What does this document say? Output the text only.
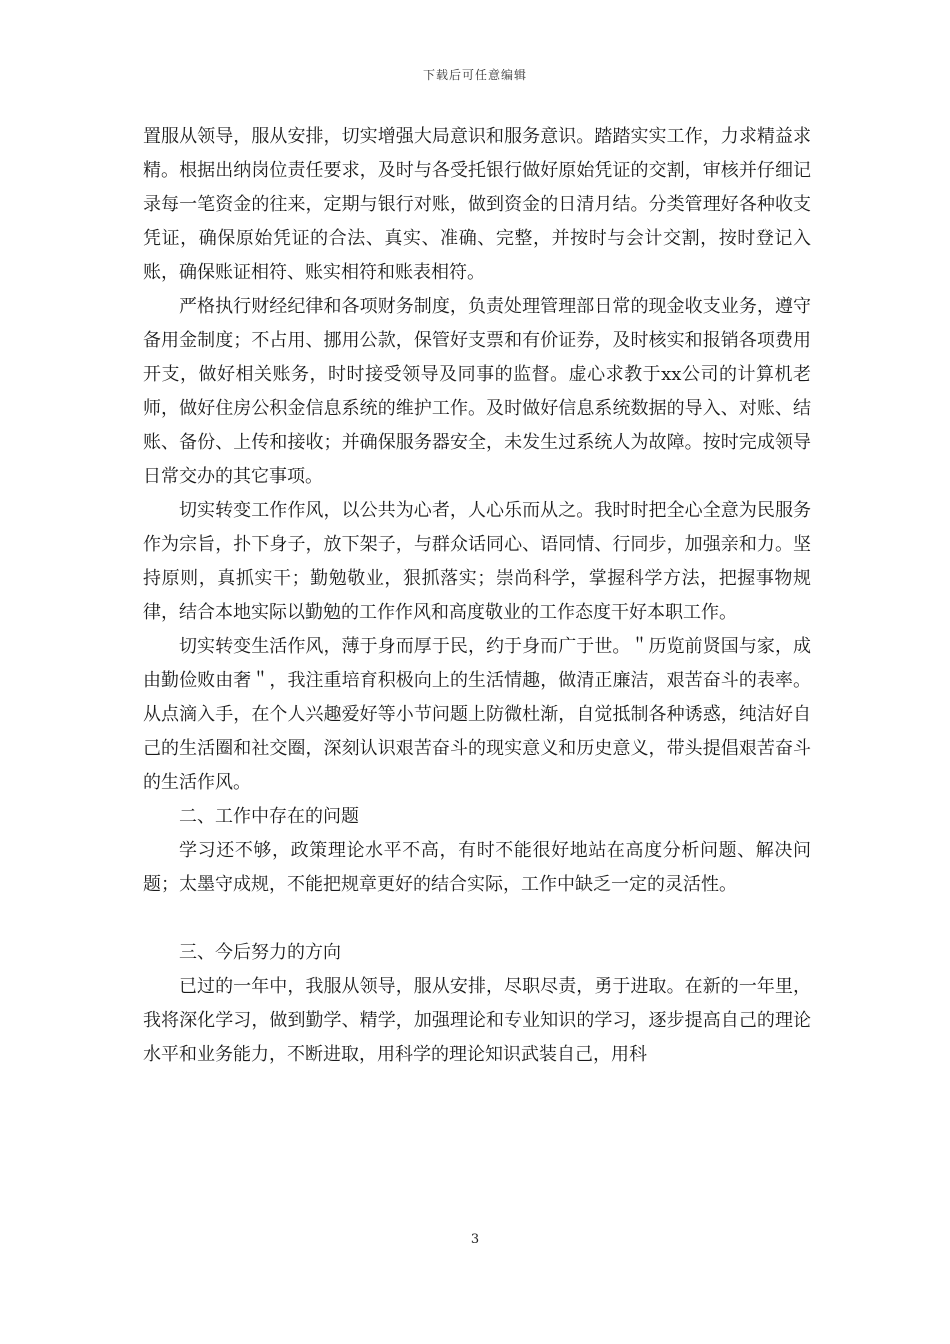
下载后可任意编辑

置服从领导，服从安排，切实增强大局意识和服务意识。踏踏实实工作，力求精益求精。根据出纳岗位责任要求，及时与各受托银行做好原始凭证的交割，审核并仔细记录每一笔资金的往来，定期与银行对账，做到资金的日清月结。分类管理好各种收支凭证，确保原始凭证的合法、真实、准确、完整，并按时与会计交割，按时登记入账，确保账证相符、账实相符和账表相符。

严格执行财经纪律和各项财务制度，负责处理管理部日常的现金收支业务，遵守备用金制度；不占用、挪用公款，保管好支票和有价证券，及时核实和报销各项费用开支，做好相关账务，时时接受领导及同事的监督。虚心求教于xx公司的计算机老师，做好住房公积金信息系统的维护工作。及时做好信息系统数据的导入、对账、结账、备份、上传和接收；并确保服务器安全，未发生过系统人为故障。按时完成领导日常交办的其它事项。

切实转变工作作风，以公共为心者，人心乐而从之。我时时把全心全意为民服务作为宗旨，扑下身子，放下架子，与群众话同心、语同情、行同步，加强亲和力。坚持原则，真抓实干；勤勉敬业，狠抓落实；崇尚科学，掌握科学方法，把握事物规律，结合本地实际以勤勉的工作作风和高度敬业的工作态度干好本职工作。

切实转变生活作风，薄于身而厚于民，约于身而广于世。＂历览前贤国与家，成由勤俭败由奢＂，我注重培育积极向上的生活情趣，做清正廉洁，艰苦奋斗的表率。从点滴入手，在个人兴趣爱好等小节问题上防微杜渐，自觉抵制各种诱惑，纯洁好自己的生活圈和社交圈，深刻认识艰苦奋斗的现实意义和历史意义，带头提倡艰苦奋斗的生活作风。

二、工作中存在的问题

学习还不够，政策理论水平不高，有时不能很好地站在高度分析问题、解决问题；太墨守成规，不能把规章更好的结合实际，工作中缺乏一定的灵活性。

三、今后努力的方向

已过的一年中，我服从领导，服从安排，尽职尽责，勇于进取。在新的一年里，我将深化学习，做到勤学、精学，加强理论和专业知识的学习，逐步提高自己的理论水平和业务能力，不断进取，用科学的理论知识武装自己，用科

3
